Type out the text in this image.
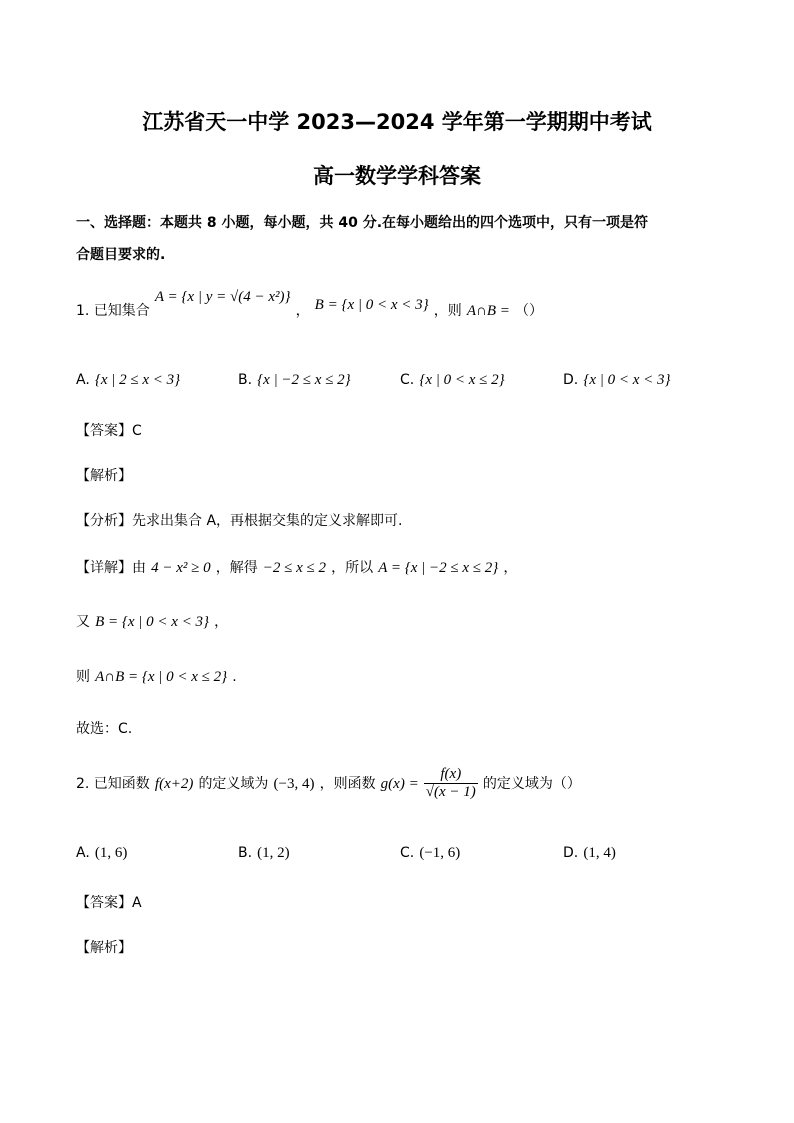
江苏省天一中学 2023—2024 学年第一学期期中考试
高一数学学科答案
一、选择题：本题共 8 小题，每小题，共 40 分.在每小题给出的四个选项中，只有一项是符
合题目要求的.
1. 已知集合 A = {x | y = √(4 − x²)} ， B = {x | 0 < x < 3} ，则 A∩B = （）
A. {x | 2 ≤ x < 3}	B. {x | −2 ≤ x ≤ 2}	C. {x | 0 < x ≤ 2}	D. {x | 0 < x < 3}
【答案】C
【解析】
【分析】先求出集合 A，再根据交集的定义求解即可.
【详解】由 4 − x² ≥ 0 ，解得 −2 ≤ x ≤ 2 ，所以 A = {x | −2 ≤ x ≤ 2} ，
又 B = {x | 0 < x < 3} ，
则 A∩B = {x | 0 < x ≤ 2} .
故选：C.
2. 已知函数 f(x+2) 的定义域为 (−3, 4) ，则函数 $g(x) = \frac{f(x)}{√(x - 1)}$ 的定义域为（）
A. (1, 6)	B. (1, 2)	C. (−1, 6)	D. (1, 4)
【答案】A
【解析】
